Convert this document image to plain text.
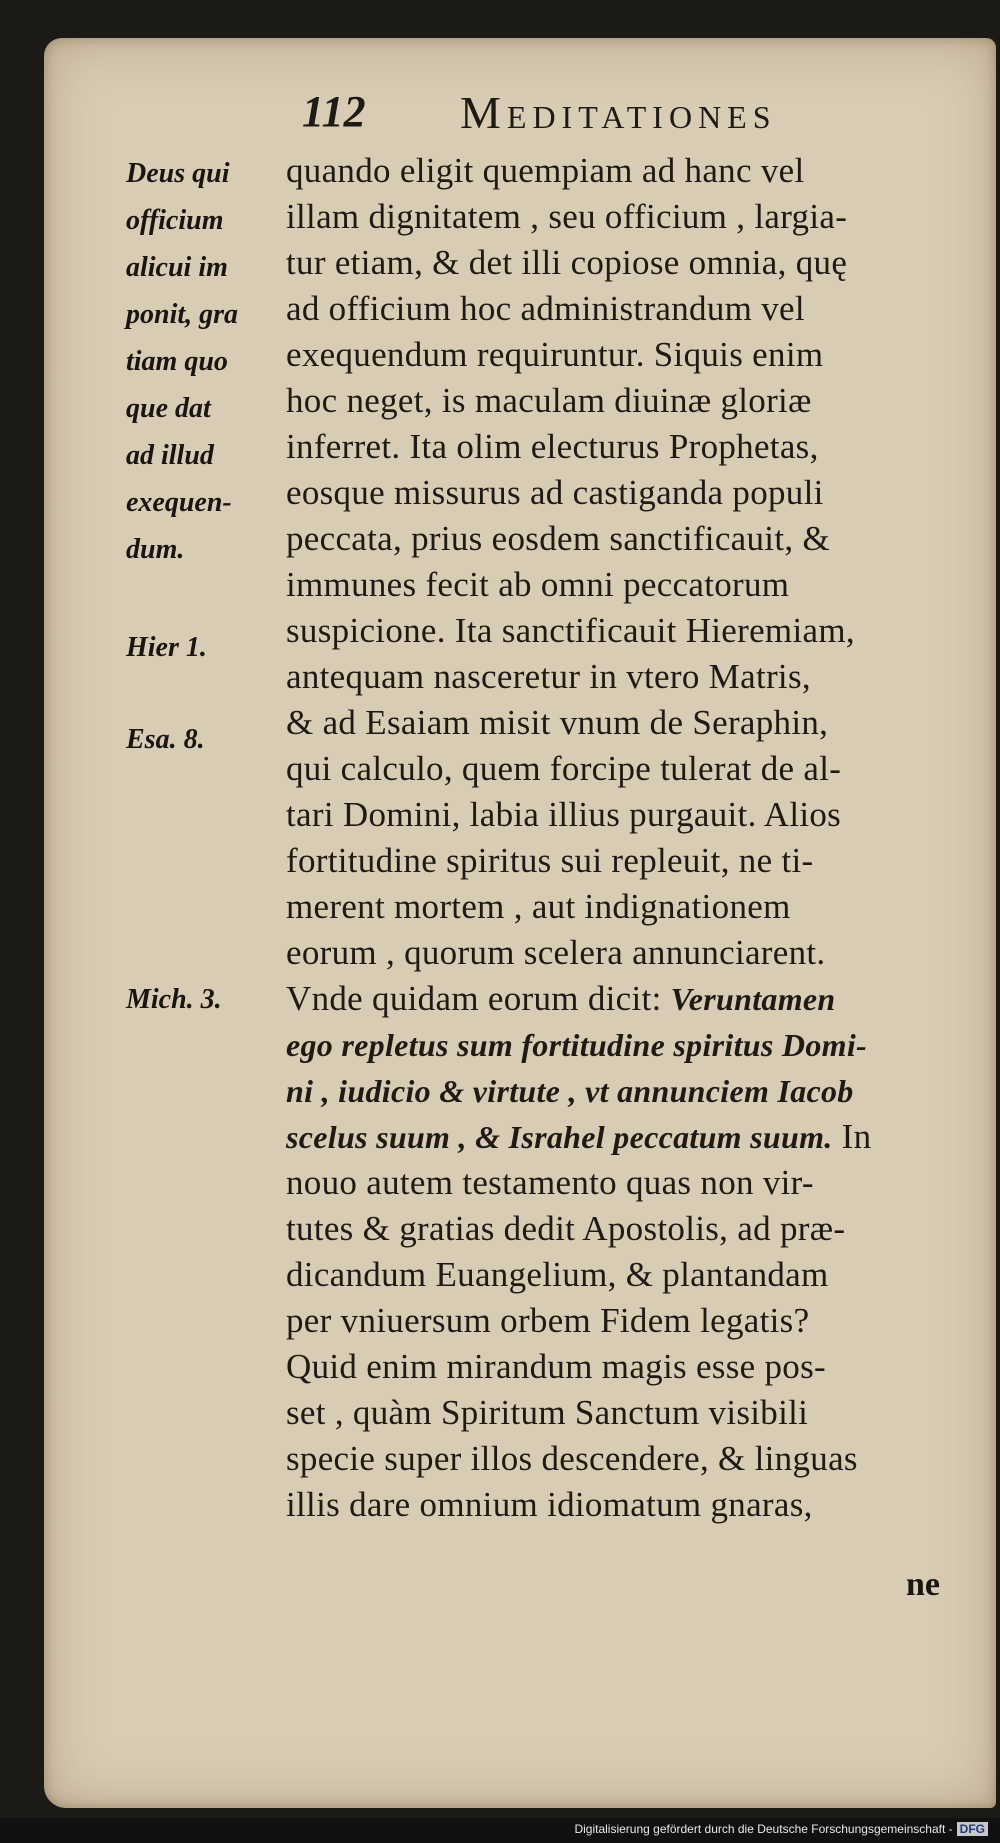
112 Meditationes
Deus qui
officium
alicui im
ponit, gra
tiam quo
que dat
ad illud
exequen-
dum.
Hier 1.
Esa. 8.
Mich. 3.
quando eligit quempiam ad hanc vel
illam dignitatem , seu officium , largia-
tur etiam, & det illi copiose omnia, quę
ad officium hoc administrandum vel
exequendum requiruntur. Siquis enim
hoc neget, is maculam diuinæ gloriæ
inferret. Ita olim electurus Prophetas,
eosque missurus ad castiganda populi
peccata, prius eosdem sanctificauit, &
immunes fecit ab omni peccatorum
suspicione. Ita sanctificauit Hieremiam,
antequam nasceretur in vtero Matris,
& ad Esaiam misit vnum de Seraphin,
qui calculo, quem forcipe tulerat de al-
tari Domini, labia illius purgauit. Alios
fortitudine spiritus sui repleuit, ne ti-
merent mortem , aut indignationem
eorum , quorum scelera annunciarent.
Vnde quidam eorum dicit: Veruntamen
ego repletus sum fortitudine spiritus Domi-
ni , iudicio & virtute , vt annunciem Iacob
scelus suum , & Israhel peccatum suum. In
nouo autem testamento quas non vir-
tutes & gratias dedit Apostolis, ad præ-
dicandum Euangelium, & plantandam
per vniuersum orbem Fidem legatis?
Quid enim mirandum magis esse pos-
set , quàm Spiritum Sanctum visibili
specie super illos descendere, & linguas
illis dare omnium idiomatum gnaras,
ne
Digitalisierung gefördert durch die Deutsche Forschungsgemeinschaft - DFG
